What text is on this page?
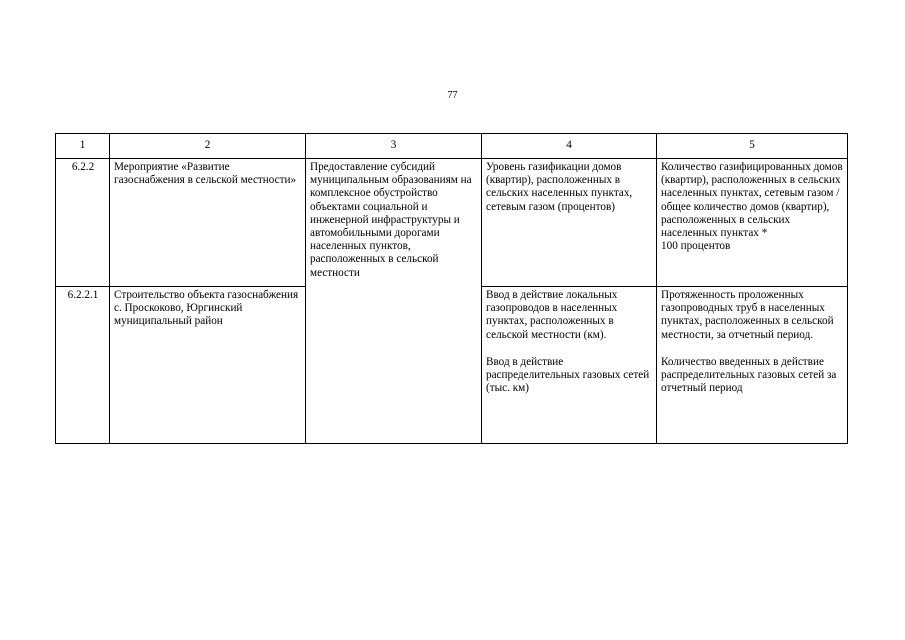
77
1	2	3	4	5
6.2.2	Мероприятие «Развитие газоснабжения в сельской местности»	Предоставление субсидий муниципальным образованиям на комплексное обустройство объектами социальной и инженерной инфраструктуры и автомобильными дорогами населенных пунктов, расположенных в сельской местности	Уровень газификации домов (квартир), расположенных в сельских населенных пунктах, сетевым газом (процентов)	Количество газифицированных домов (квартир), расположенных в сельских населенных пунктах, сетевым газом / общее количество домов (квартир), расположенных в сельских населенных пунктах *
100 процентов
6.2.2.1	Строительство объекта газоснабжения с. Проскоково, Юргинский муниципальный район		Ввод в действие локальных газопроводов в населенных пунктах, расположенных в сельской местности (км).
Ввод в действие распределительных газовых сетей (тыс. км)	Протяженность проложенных газопроводных труб в населенных пунктах, расположенных в сельской местности, за отчетный период.
Количество введенных в действие распределительных газовых сетей за отчетный период
